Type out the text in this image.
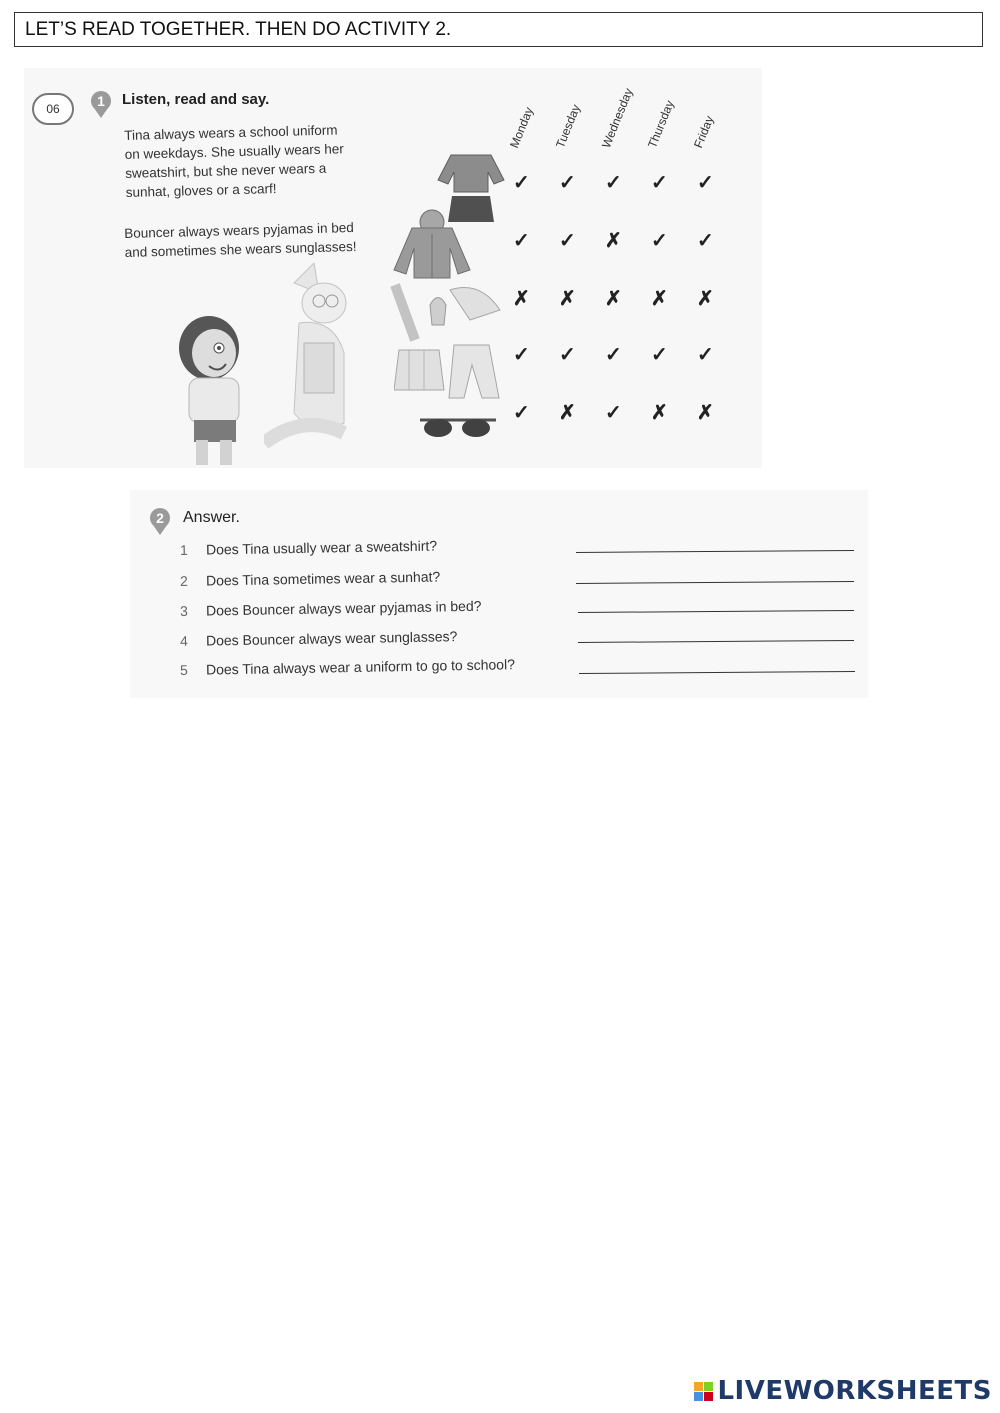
LET’S READ TOGETHER. THEN DO ACTIVITY 2.
06	1	Listen, read and say.
Tina always wears a school uniform
on weekdays. She usually wears her
sweatshirt, but she never wears a
sunhat, gloves or a scarf!
Bouncer always wears pyjamas in bed
and sometimes she wears sunglasses!
Monday Tuesday Wednesday Thursday Friday
✓ ✓ ✓ ✓ ✓
✓ ✓ ✗ ✓ ✓
✗ ✗ ✗ ✗ ✗
✓ ✓ ✓ ✓ ✓
✓ ✗ ✓ ✗ ✗
2	Answer.
1 Does Tina usually wear a sweatshirt?
2 Does Tina sometimes wear a sunhat?
3 Does Bouncer always wear pyjamas in bed?
4 Does Bouncer always wear sunglasses?
5 Does Tina always wear a uniform to go to school?
LIVEWORKSHEETS
